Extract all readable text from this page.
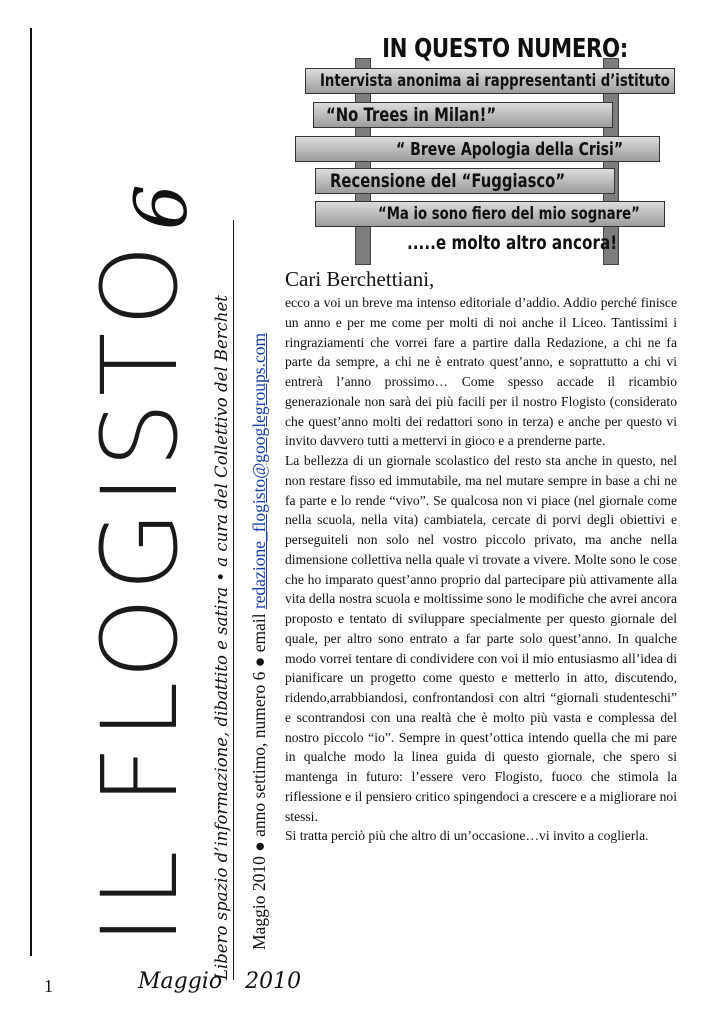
IL FLOGISTO
6
Libero spazio d’informazione, dibattito e satira • a cura del Collettivo del Berchet Maggio 2010 ● anno settimo, numero 6 ● email redazione_flogisto@googlegroups.com
IN QUESTO NUMERO:
Intervista anonima ai rappresentanti d’istituto
“No Trees in Milan!”
“ Breve Apologia della Crisi”
Recensione del “Fuggiasco”
“Ma io sono fiero del mio sognare”
.....e molto altro ancora!
Cari Berchettiani,

ecco a voi un breve ma intenso editoriale d’addio. Addio perché finisce un anno e per me come per molti di noi anche il Liceo. Tantissimi i ringraziamenti che vorrei fare a partire dalla Redazione, a chi ne fa parte da sempre, a chi ne è entrato quest’anno, e soprattutto a chi vi entrerà l’anno prossimo… Come spesso accade il ricambio generazionale non sarà dei più facili per il nostro Flogisto (considerato che quest’anno molti dei redattori sono in terza) e anche per questo vi invito davvero tutti a mettervi in gioco e a prenderne parte.

La bellezza di un giornale scolastico del resto sta anche in questo, nel non restare fisso ed immutabile, ma nel mutare sempre in base a chi ne fa parte e lo rende “vivo”. Se qualcosa non vi piace (nel giornale come nella scuola, nella vita) cambiatela, cercate di porvi degli obiettivi e perseguiteli non solo nel vostro piccolo privato, ma anche nella dimensione collettiva nella quale vi trovate a vivere. Molte sono le cose che ho imparato quest’anno proprio dal partecipare più attivamente alla vita della nostra scuola e moltissime sono le modifiche che avrei ancora proposto e tentato di sviluppare specialmente per questo giornale del quale, per altro sono entrato a far parte solo quest’anno. In qualche modo vorrei tentare di condividere con voi il mio entusiasmo all’idea di pianificare un progetto come questo e metterlo in atto, discutendo, ridendo,arrabbiandosi, confrontandosi con altri “giornali studenteschi” e scontrandosi con una realtà che è molto più vasta e complessa del nostro piccolo “io”. Sempre in quest’ottica intendo quella che mi pare in qualche modo la linea guida di questo giornale, che spero si mantenga in futuro: l’essere vero Flogisto, fuoco che stimola la riflessione e il pensiero critico spingendoci a crescere e a migliorare noi stessi.

Si tratta perciò più che altro di un’occasione…vi invito a coglierla.

1	Maggio 2010
